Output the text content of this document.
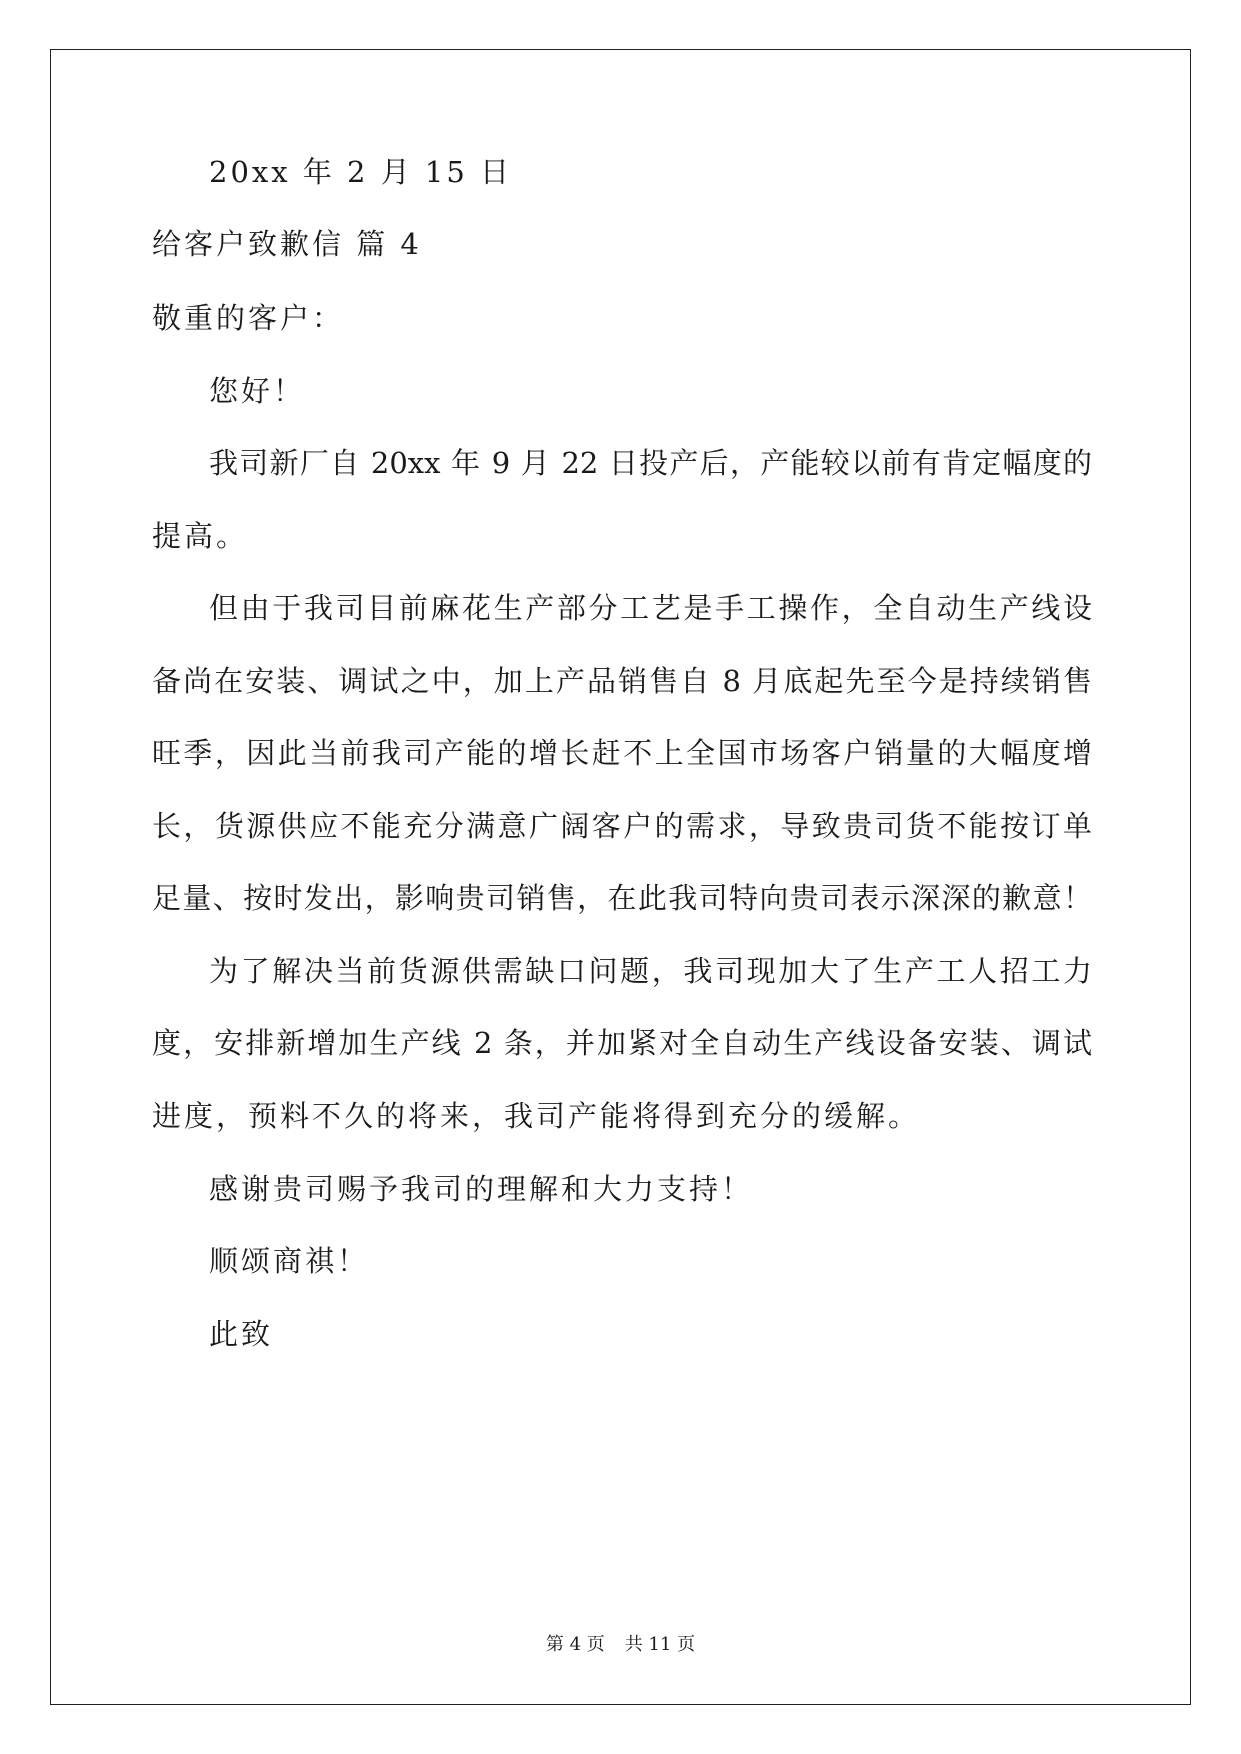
20xx 年 2 月 15 日
给客户致歉信 篇 4
敬重的客户：
您好！
我司新厂自 20xx 年 9 月 22 日投产后，产能较以前有肯定幅度的
提高。
但由于我司目前麻花生产部分工艺是手工操作，全自动生产线设
备尚在安装、调试之中，加上产品销售自 8 月底起先至今是持续销售
旺季，因此当前我司产能的增长赶不上全国市场客户销量的大幅度增
长，货源供应不能充分满意广阔客户的需求，导致贵司货不能按订单
足量、按时发出，影响贵司销售，在此我司特向贵司表示深深的歉意！
为了解决当前货源供需缺口问题，我司现加大了生产工人招工力
度，安排新增加生产线 2 条，并加紧对全自动生产线设备安装、调试
进度，预料不久的将来，我司产能将得到充分的缓解。
感谢贵司赐予我司的理解和大力支持！
顺颂商祺！
此致
第 4 页 共 11 页
